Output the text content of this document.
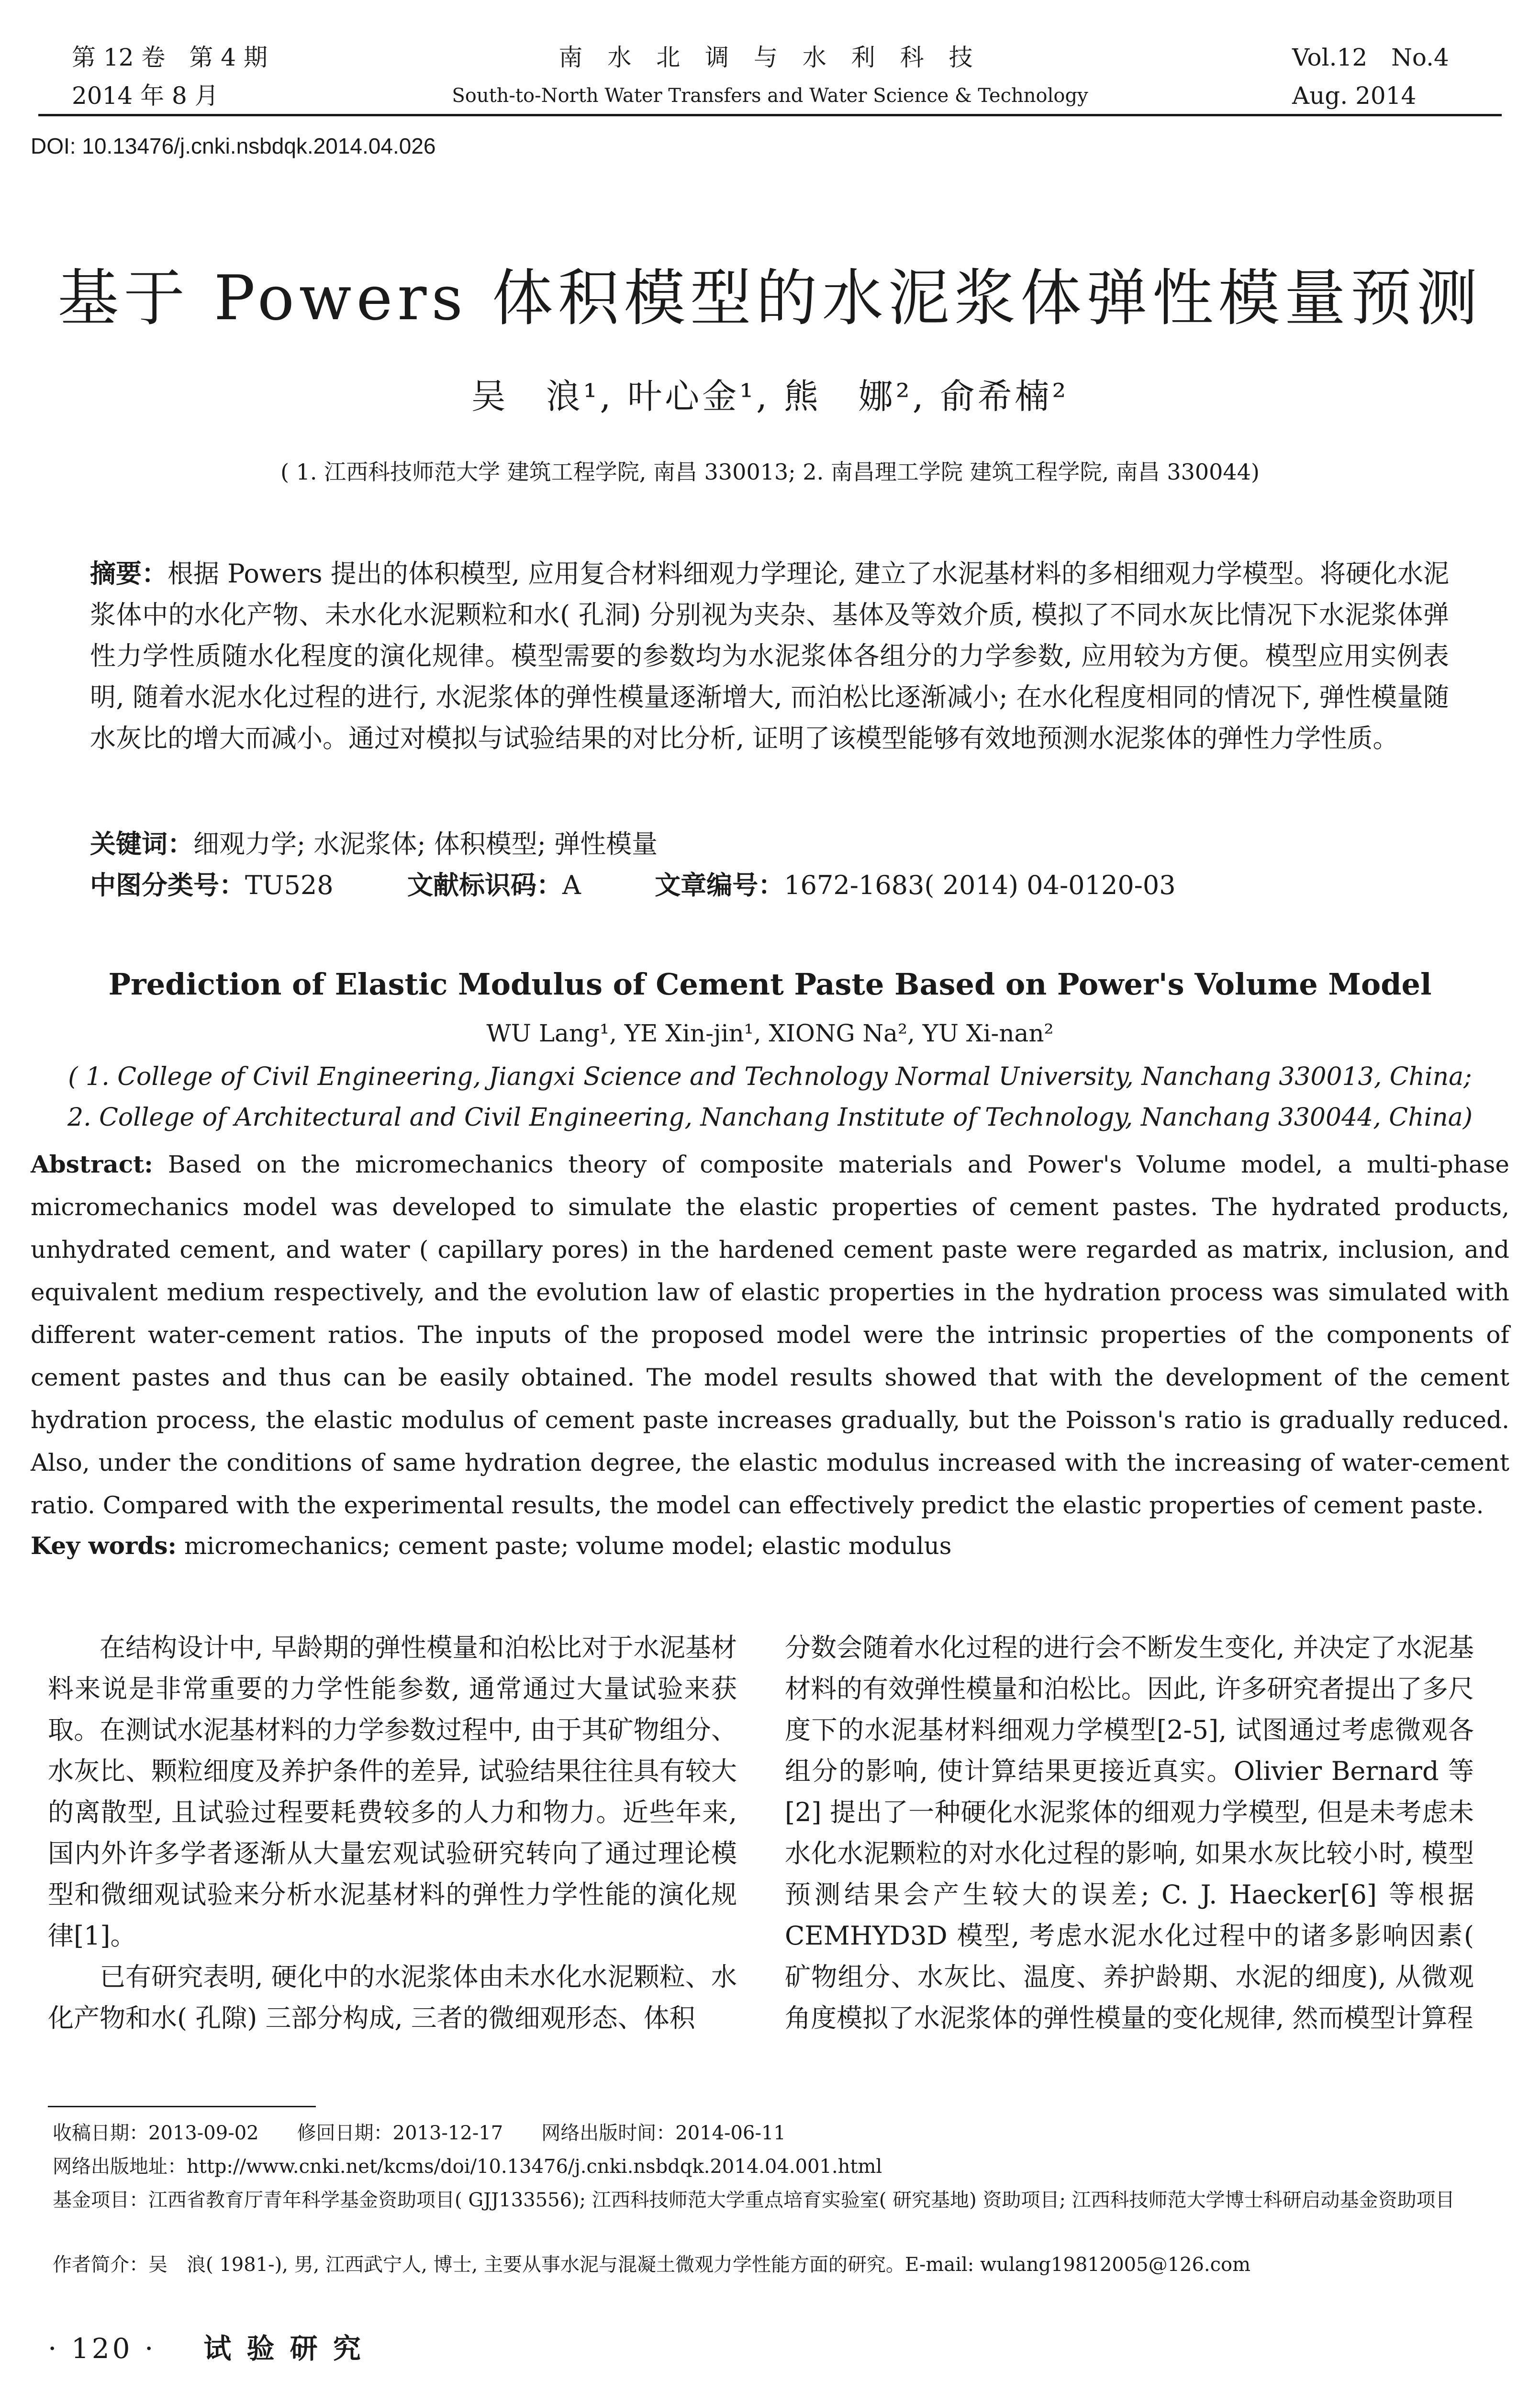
第 12 卷　第 4 期
2014 年 8 月
南 水 北 调 与 水 利 科 技
South-to-North Water Transfers and Water Science & Technology
Vol.12　No.4
Aug. 2014
DOI: 10.13476/j.cnki.nsbdqk.2014.04.026
基于 Powers 体积模型的水泥浆体弹性模量预测
吴　浪¹, 叶心金¹, 熊　娜², 俞希楠²
( 1. 江西科技师范大学 建筑工程学院, 南昌 330013; 2. 南昌理工学院 建筑工程学院, 南昌 330044)
摘要：根据 Powers 提出的体积模型, 应用复合材料细观力学理论, 建立了水泥基材料的多相细观力学模型。将硬化水泥浆体中的水化产物、未水化水泥颗粒和水( 孔洞) 分别视为夹杂、基体及等效介质, 模拟了不同水灰比情况下水泥浆体弹性力学性质随水化程度的演化规律。模型需要的参数均为水泥浆体各组分的力学参数, 应用较为方便。模型应用实例表明, 随着水泥水化过程的进行, 水泥浆体的弹性模量逐渐增大, 而泊松比逐渐减小; 在水化程度相同的情况下, 弹性模量随水灰比的增大而减小。通过对模拟与试验结果的对比分析, 证明了该模型能够有效地预测水泥浆体的弹性力学性质。
关键词：细观力学; 水泥浆体; 体积模型; 弹性模量
中图分类号：TU528	文献标识码：A	文章编号：1672-1683( 2014) 04-0120-03
Prediction of Elastic Modulus of Cement Paste Based on Power's Volume Model
WU Lang¹, YE Xin-jin¹, XIONG Na², YU Xi-nan²
( 1. College of Civil Engineering, Jiangxi Science and Technology Normal University, Nanchang 330013, China;
2. College of Architectural and Civil Engineering, Nanchang Institute of Technology, Nanchang 330044, China)
Abstract: Based on the micromechanics theory of composite materials and Power's Volume model, a multi-phase micromechanics model was developed to simulate the elastic properties of cement pastes. The hydrated products, unhydrated cement, and water ( capillary pores) in the hardened cement paste were regarded as matrix, inclusion, and equivalent medium respectively, and the evolution law of elastic properties in the hydration process was simulated with different water-cement ratios. The inputs of the proposed model were the intrinsic properties of the components of cement pastes and thus can be easily obtained. The model results showed that with the development of the cement hydration process, the elastic modulus of cement paste increases gradually, but the Poisson's ratio is gradually reduced. Also, under the conditions of same hydration degree, the elastic modulus increased with the increasing of water-cement ratio. Compared with the experimental results, the model can effectively predict the elastic properties of cement paste.
Key words: micromechanics; cement paste; volume model; elastic modulus

在结构设计中, 早龄期的弹性模量和泊松比对于水泥基材料来说是非常重要的力学性能参数, 通常通过大量试验来获取。在测试水泥基材料的力学参数过程中, 由于其矿物组分、水灰比、颗粒细度及养护条件的差异, 试验结果往往具有较大的离散型, 且试验过程要耗费较多的人力和物力。近些年来, 国内外许多学者逐渐从大量宏观试验研究转向了通过理论模型和微细观试验来分析水泥基材料的弹性力学性能的演化规律[1]。

已有研究表明, 硬化中的水泥浆体由未水化水泥颗粒、水化产物和水( 孔隙) 三部分构成, 三者的微细观形态、体积

分数会随着水化过程的进行会不断发生变化, 并决定了水泥基材料的有效弹性模量和泊松比。因此, 许多研究者提出了多尺度下的水泥基材料细观力学模型[2-5], 试图通过考虑微观各组分的影响, 使计算结果更接近真实。Olivier Bernard 等[2] 提出了一种硬化水泥浆体的细观力学模型, 但是未考虑未水化水泥颗粒的对水化过程的影响, 如果水灰比较小时, 模型预测结果会产生较大的误差; C. J. Haecker[6] 等根据 CEMHYD3D 模型, 考虑水泥水化过程中的诸多影响因素( 矿物组分、水灰比、温度、养护龄期、水泥的细度), 从微观角度模拟了水泥浆体的弹性模量的变化规律, 然而模型计算程

收稿日期：2013-09-02　　修回日期：2013-12-17　　网络出版时间：2014-06-11
网络出版地址：http://www.cnki.net/kcms/doi/10.13476/j.cnki.nsbdqk.2014.04.001.html
基金项目：江西省教育厅青年科学基金资助项目( GJJ133556); 江西科技师范大学重点培育实验室( 研究基地) 资助项目; 江西科技师范大学博士科研启动基金资助项目
作者简介：吴　浪( 1981-), 男, 江西武宁人, 博士, 主要从事水泥与混凝土微观力学性能方面的研究。E-mail: wulang19812005@126.com
· 120 · 试 验 研 究
